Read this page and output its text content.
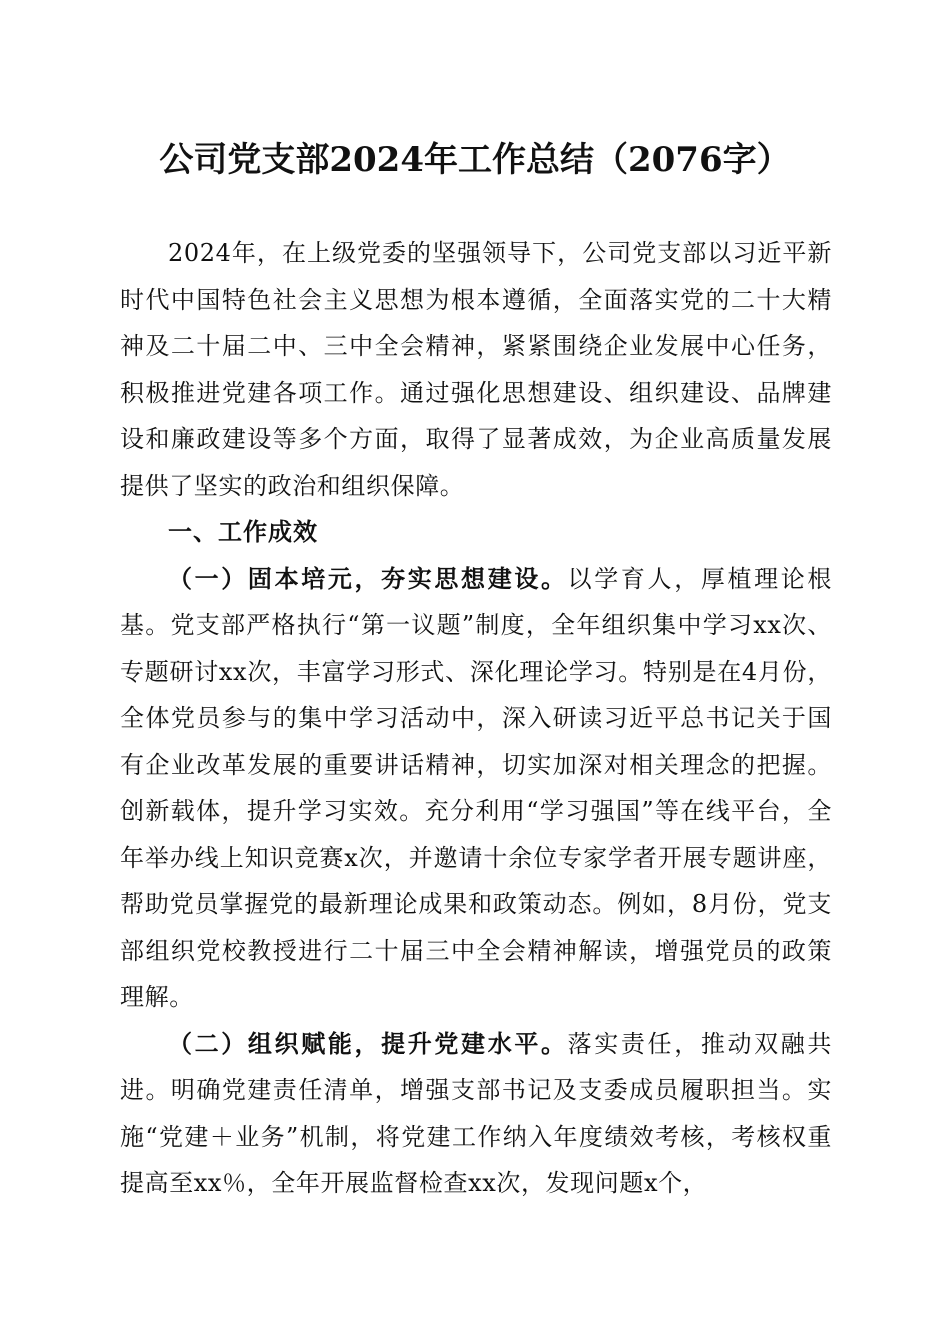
公司党支部2024年工作总结（2076字）

2024年，在上级党委的坚强领导下，公司党支部以习近平新时代中国特色社会主义思想为根本遵循，全面落实党的二十大精神及二十届二中、三中全会精神，紧紧围绕企业发展中心任务，积极推进党建各项工作。通过强化思想建设、组织建设、品牌建设和廉政建设等多个方面，取得了显著成效，为企业高质量发展提供了坚实的政治和组织保障。

一、工作成效

（一）固本培元，夯实思想建设。以学育人，厚植理论根基。党支部严格执行“第一议题”制度，全年组织集中学习xx次、专题研讨xx次，丰富学习形式、深化理论学习。特别是在4月份，全体党员参与的集中学习活动中，深入研读习近平总书记关于国有企业改革发展的重要讲话精神，切实加深对相关理念的把握。创新载体，提升学习实效。充分利用“学习强国”等在线平台，全年举办线上知识竞赛x次，并邀请十余位专家学者开展专题讲座，帮助党员掌握党的最新理论成果和政策动态。例如，8月份，党支部组织党校教授进行二十届三中全会精神解读，增强党员的政策理解。

（二）组织赋能，提升党建水平。落实责任，推动双融共进。明确党建责任清单，增强支部书记及支委成员履职担当。实施“党建＋业务”机制，将党建工作纳入年度绩效考核，考核权重提高至xx％，全年开展监督检查xx次，发现问题x个，
